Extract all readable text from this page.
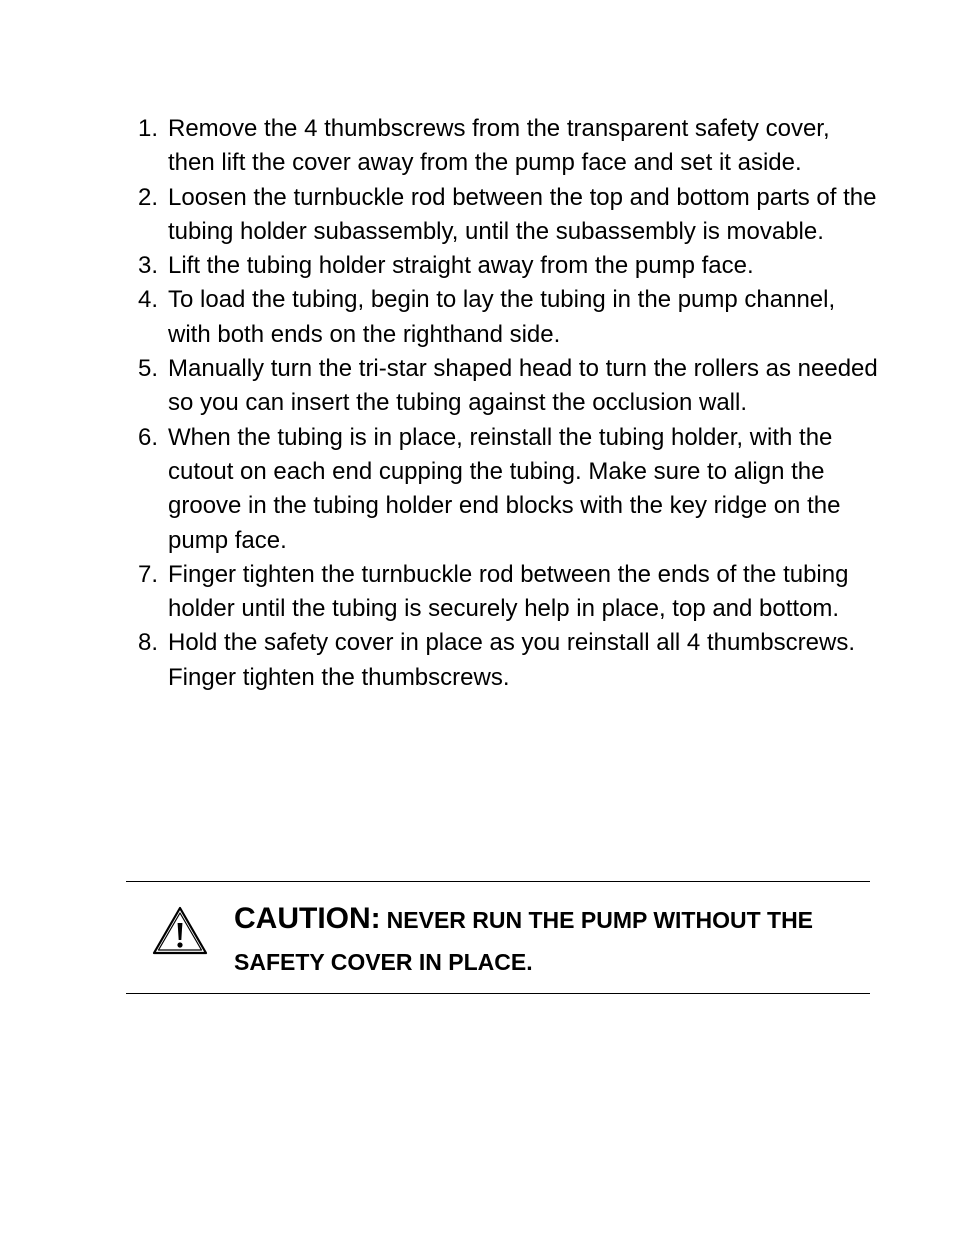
1. Remove the 4 thumbscrews from the transparent safety cover, then lift the cover away from the pump face and set it aside.
2. Loosen the turnbuckle rod between the top and bottom parts of the tubing holder subassembly, until the subassembly is movable.
3. Lift the tubing holder straight away from the pump face.
4. To load the tubing, begin to lay the tubing in the pump channel, with both ends on the righthand side.
5. Manually turn the tri-star shaped head to turn the rollers as needed so you can insert the tubing against the occlusion wall.
6. When the tubing is in place, reinstall the tubing holder, with the cutout on each end cupping the tubing. Make sure to align the groove in the tubing holder end blocks with the key ridge on the pump face.
7. Finger tighten the turnbuckle rod between the ends of the tubing holder until the tubing is securely help in place, top and bottom.
8. Hold the safety cover in place as you reinstall all 4 thumbscrews. Finger tighten the thumbscrews.
CAUTION: NEVER RUN THE PUMP WITHOUT THE SAFETY COVER IN PLACE.
